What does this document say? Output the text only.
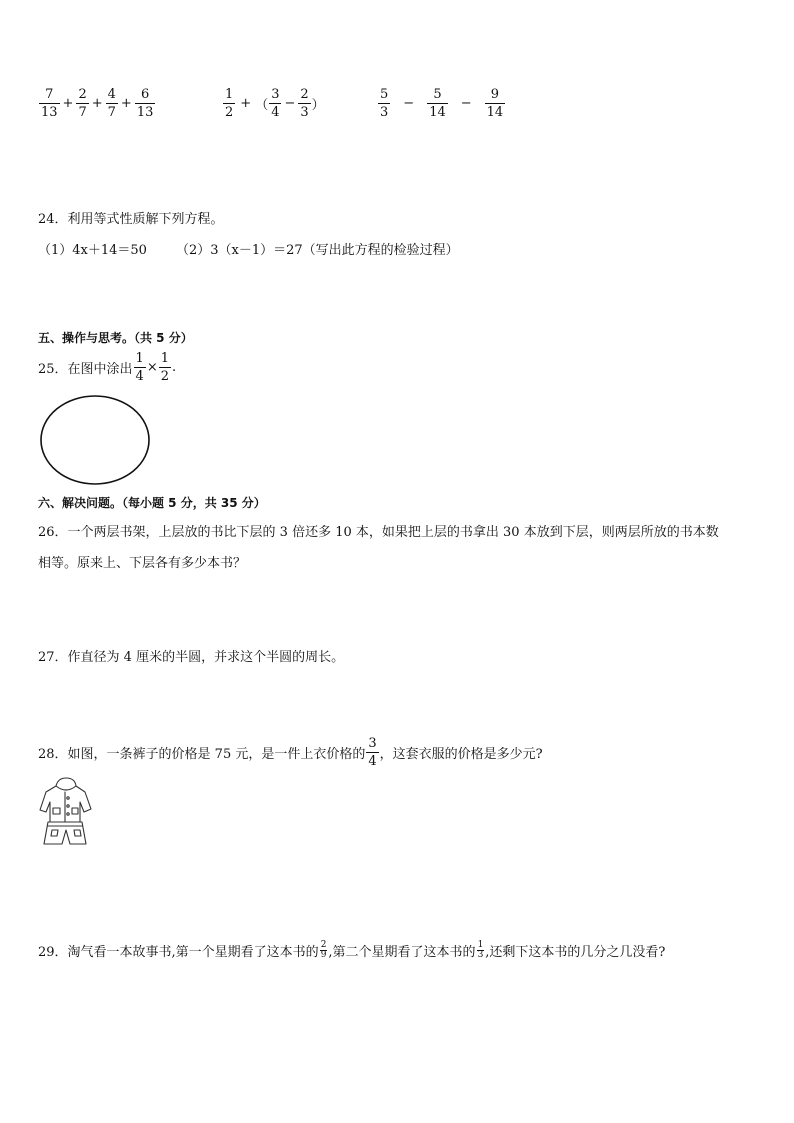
$\frac{7}{13} + \frac{2}{7} + \frac{4}{7} + \frac{6}{13}$	$\frac{1}{2}$ + （ $\frac{3}{4} - \frac{2}{3}$ ）	$\frac{5}{3} - \frac{5}{14} - \frac{9}{14}$
24．利用等式性质解下列方程。
（1）4x＋14＝50 （2）3（x－1）＝27（写出此方程的检验过程）
五、操作与思考。（共 5 分）
25．在图中涂出 $\frac{1}{4} \times \frac{1}{2}$ .
六、解决问题。（每小题 5 分，共 35 分）
26．一个两层书架，上层放的书比下层的 3 倍还多 10 本，如果把上层的书拿出 30 本放到下层，则两层所放的书本数
相等。原来上、下层各有多少本书？
27．作直径为 4 厘米的半圆，并求这个半圆的周长。
28．如图，一条裤子的价格是 75 元，是一件上衣价格的 $\frac{3}{4}$ ，这套衣服的价格是多少元?
29．淘气看一本故事书,第一个星期看了这本书的 $\frac{2}{9}$ ,第二个星期看了这本书的 $\frac{1}{3}$ ,还剩下这本书的几分之几没看?
